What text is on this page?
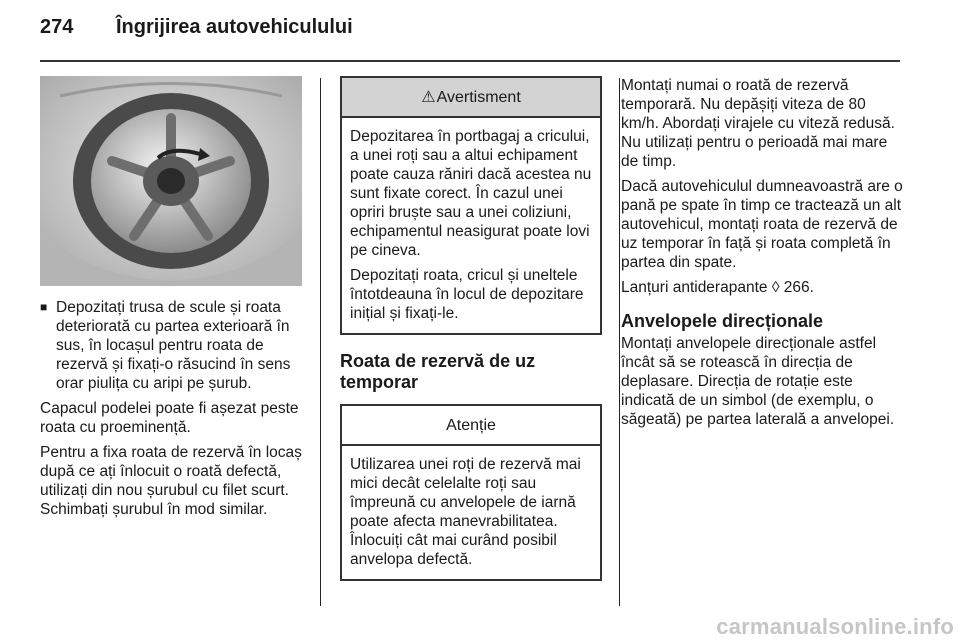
274	Îngrijirea autovehiculului
■ Depozitați trusa de scule și roata deteriorată cu partea exterioară în sus, în locașul pentru roata de rezervă și fixați-o răsucind în sens orar piulița cu aripi pe șurub.

Capacul podelei poate fi așezat peste roata cu proeminență.

Pentru a fixa roata de rezervă în locaș după ce ați înlocuit o roată defectă, utilizați din nou șurubul cu filet scurt. Schimbați șurubul în mod similar.

⚠ Avertisment

Depozitarea în portbagaj a cricului, a unei roți sau a altui echipament poate cauza răniri dacă acestea nu sunt fixate corect. În cazul unei opriri bruște sau a unei coliziuni, echipamentul neasigurat poate lovi pe cineva.

Depozitați roata, cricul și uneltele întotdeauna în locul de depozitare inițial și fixați-le.

Roata de rezervă de uz temporar
Atenție

Utilizarea unei roți de rezervă mai mici decât celelalte roți sau împreună cu anvelopele de iarnă poate afecta manevrabilitatea. Înlocuiți cât mai curând posibil anvelopa defectă.

Montați numai o roată de rezervă temporară. Nu depășiți viteza de 80 km/h. Abordați virajele cu viteză redusă. Nu utilizați pentru o perioadă mai mare de timp.

Dacă autovehiculul dumneavoastră are o pană pe spate în timp ce tractează un alt autovehicul, montați roata de rezervă de uz temporar în față și roata completă în partea din spate.

Lanțuri antiderapante ◊ 266.

Anvelopele direcționale

Montați anvelopele direcționale astfel încât să se rotească în direcția de deplasare. Direcția de rotație este indicată de un simbol (de exemplu, o săgeată) pe partea laterală a anvelopei.

carmanualsonline.info
